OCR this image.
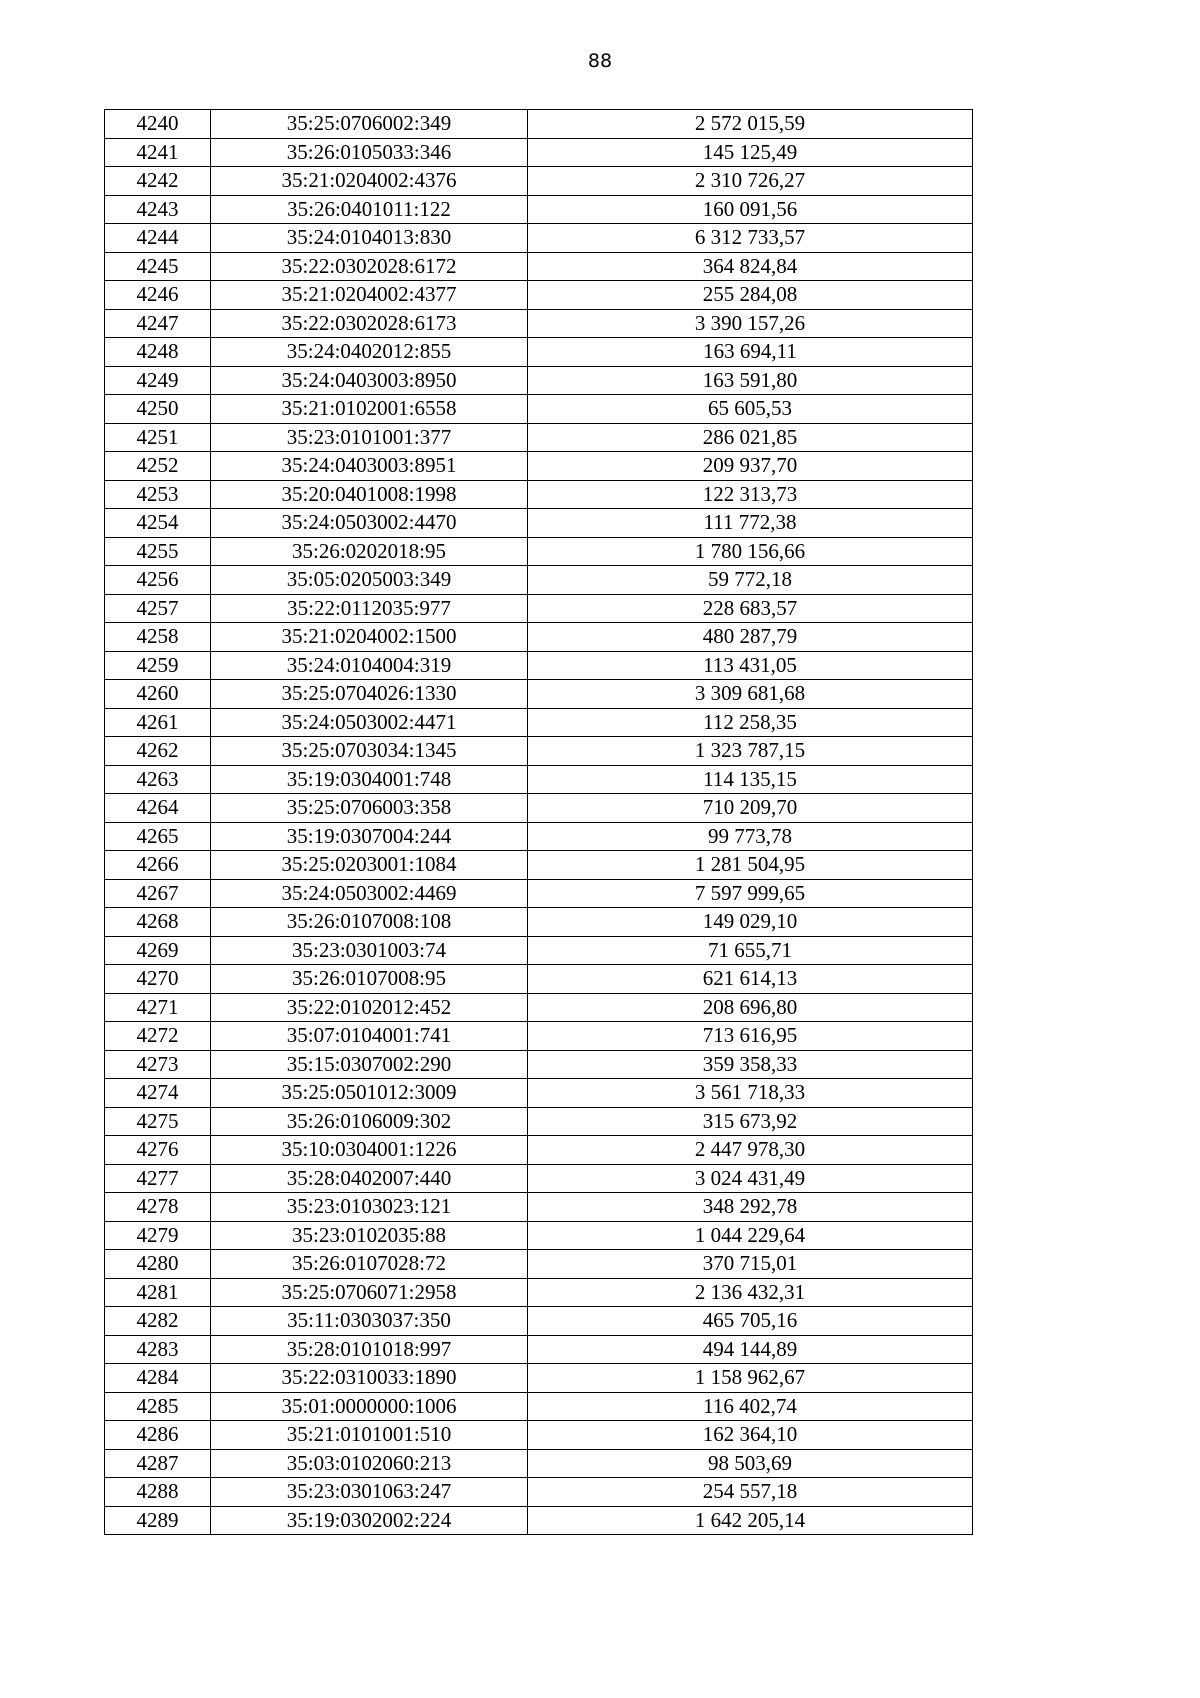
88
4240	35:25:0706002:349	2 572 015,59
4241	35:26:0105033:346	145 125,49
4242	35:21:0204002:4376	2 310 726,27
4243	35:26:0401011:122	160 091,56
4244	35:24:0104013:830	6 312 733,57
4245	35:22:0302028:6172	364 824,84
4246	35:21:0204002:4377	255 284,08
4247	35:22:0302028:6173	3 390 157,26
4248	35:24:0402012:855	163 694,11
4249	35:24:0403003:8950	163 591,80
4250	35:21:0102001:6558	65 605,53
4251	35:23:0101001:377	286 021,85
4252	35:24:0403003:8951	209 937,70
4253	35:20:0401008:1998	122 313,73
4254	35:24:0503002:4470	111 772,38
4255	35:26:0202018:95	1 780 156,66
4256	35:05:0205003:349	59 772,18
4257	35:22:0112035:977	228 683,57
4258	35:21:0204002:1500	480 287,79
4259	35:24:0104004:319	113 431,05
4260	35:25:0704026:1330	3 309 681,68
4261	35:24:0503002:4471	112 258,35
4262	35:25:0703034:1345	1 323 787,15
4263	35:19:0304001:748	114 135,15
4264	35:25:0706003:358	710 209,70
4265	35:19:0307004:244	99 773,78
4266	35:25:0203001:1084	1 281 504,95
4267	35:24:0503002:4469	7 597 999,65
4268	35:26:0107008:108	149 029,10
4269	35:23:0301003:74	71 655,71
4270	35:26:0107008:95	621 614,13
4271	35:22:0102012:452	208 696,80
4272	35:07:0104001:741	713 616,95
4273	35:15:0307002:290	359 358,33
4274	35:25:0501012:3009	3 561 718,33
4275	35:26:0106009:302	315 673,92
4276	35:10:0304001:1226	2 447 978,30
4277	35:28:0402007:440	3 024 431,49
4278	35:23:0103023:121	348 292,78
4279	35:23:0102035:88	1 044 229,64
4280	35:26:0107028:72	370 715,01
4281	35:25:0706071:2958	2 136 432,31
4282	35:11:0303037:350	465 705,16
4283	35:28:0101018:997	494 144,89
4284	35:22:0310033:1890	1 158 962,67
4285	35:01:0000000:1006	116 402,74
4286	35:21:0101001:510	162 364,10
4287	35:03:0102060:213	98 503,69
4288	35:23:0301063:247	254 557,18
4289	35:19:0302002:224	1 642 205,14
